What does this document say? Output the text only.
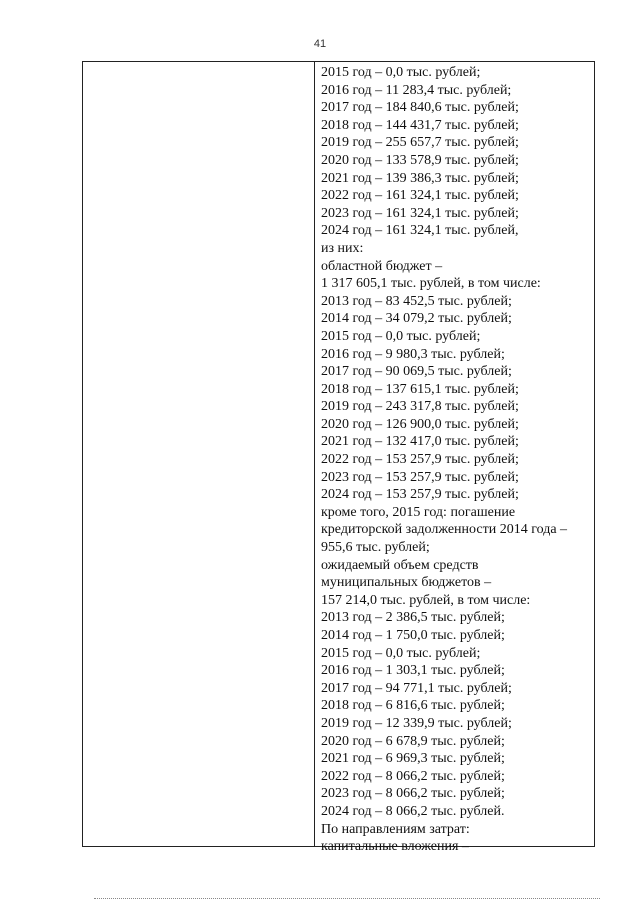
41
2015 год – 0,0 тыс. рублей;
2016 год – 11 283,4 тыс. рублей;
2017 год – 184 840,6 тыс. рублей;
2018 год – 144 431,7 тыс. рублей;
2019 год – 255 657,7 тыс. рублей;
2020 год – 133 578,9 тыс. рублей;
2021 год – 139 386,3 тыс. рублей;
2022 год – 161 324,1 тыс. рублей;
2023 год – 161 324,1 тыс. рублей;
2024 год – 161 324,1 тыс. рублей,
из них:
областной бюджет –
1 317 605,1 тыс. рублей, в том числе:
2013 год – 83 452,5 тыс. рублей;
2014 год – 34 079,2 тыс. рублей;
2015 год – 0,0 тыс. рублей;
2016 год – 9 980,3 тыс. рублей;
2017 год – 90 069,5 тыс. рублей;
2018 год – 137 615,1 тыс. рублей;
2019 год – 243 317,8 тыс. рублей;
2020 год – 126 900,0 тыс. рублей;
2021 год – 132 417,0 тыс. рублей;
2022 год – 153 257,9 тыс. рублей;
2023 год – 153 257,9 тыс. рублей;
2024 год – 153 257,9 тыс. рублей;
кроме того, 2015 год: погашение
кредиторской задолженности 2014 года –
955,6 тыс. рублей;
ожидаемый объем средств
муниципальных бюджетов –
157 214,0 тыс. рублей, в том числе:
2013 год – 2 386,5 тыс. рублей;
2014 год – 1 750,0 тыс. рублей;
2015 год – 0,0 тыс. рублей;
2016 год – 1 303,1 тыс. рублей;
2017 год – 94 771,1 тыс. рублей;
2018 год – 6 816,6 тыс. рублей;
2019 год – 12 339,9 тыс. рублей;
2020 год – 6 678,9 тыс. рублей;
2021 год – 6 969,3 тыс. рублей;
2022 год – 8 066,2 тыс. рублей;
2023 год – 8 066,2 тыс. рублей;
2024 год – 8 066,2 тыс. рублей.
По направлениям затрат:
капитальные вложения –
